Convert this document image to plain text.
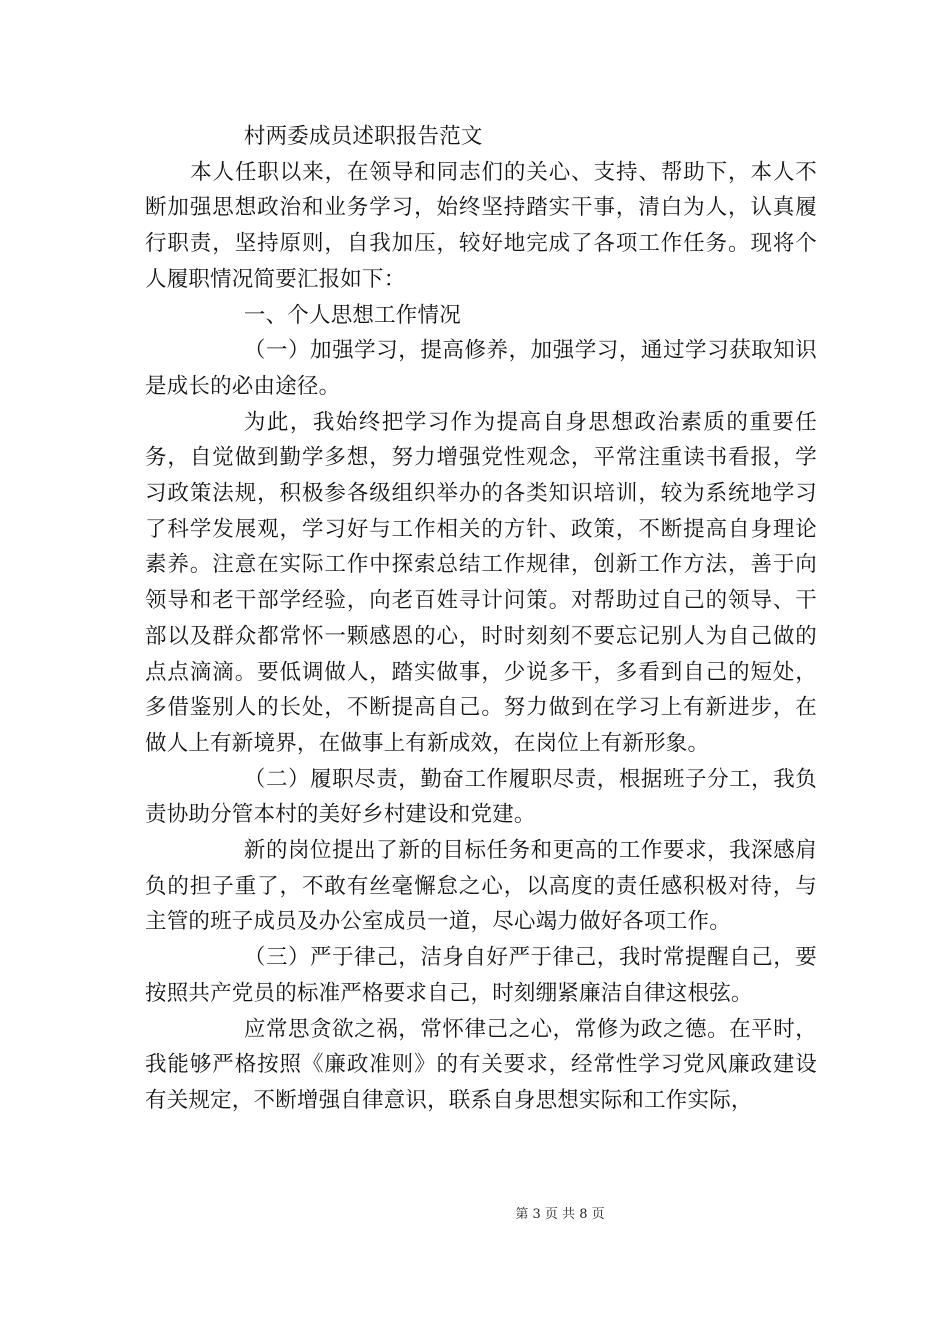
村两委成员述职报告范文

本人任职以来，在领导和同志们的关心、支持、帮助下，本人不断加强思想政治和业务学习，始终坚持踏实干事，清白为人，认真履行职责，坚持原则，自我加压，较好地完成了各项工作任务。现将个人履职情况简要汇报如下：

一、个人思想工作情况

（一）加强学习，提高修养，加强学习，通过学习获取知识是成长的必由途径。

为此，我始终把学习作为提高自身思想政治素质的重要任务，自觉做到勤学多想，努力增强党性观念，平常注重读书看报，学习政策法规，积极参各级组织举办的各类知识培训，较为系统地学习了科学发展观，学习好与工作相关的方针、政策，不断提高自身理论素养。注意在实际工作中探索总结工作规律，创新工作方法，善于向领导和老干部学经验，向老百姓寻计问策。对帮助过自己的领导、干部以及群众都常怀一颗感恩的心，时时刻刻不要忘记别人为自己做的点点滴滴。要低调做人，踏实做事，少说多干，多看到自己的短处，多借鉴别人的长处，不断提高自己。努力做到在学习上有新进步，在做人上有新境界，在做事上有新成效，在岗位上有新形象。

（二）履职尽责，勤奋工作履职尽责，根据班子分工，我负责协助分管本村的美好乡村建设和党建。

新的岗位提出了新的目标任务和更高的工作要求，我深感肩负的担子重了，不敢有丝毫懈怠之心，以高度的责任感积极对待，与主管的班子成员及办公室成员一道，尽心竭力做好各项工作。

（三）严于律己，洁身自好严于律己，我时常提醒自己，要按照共产党员的标准严格要求自己，时刻绷紧廉洁自律这根弦。

应常思贪欲之祸，常怀律己之心，常修为政之德。在平时，我能够严格按照《廉政准则》的有关要求，经常性学习党风廉政建设有关规定，不断增强自律意识，联系自身思想实际和工作实际，

第 3 页 共 8 页
